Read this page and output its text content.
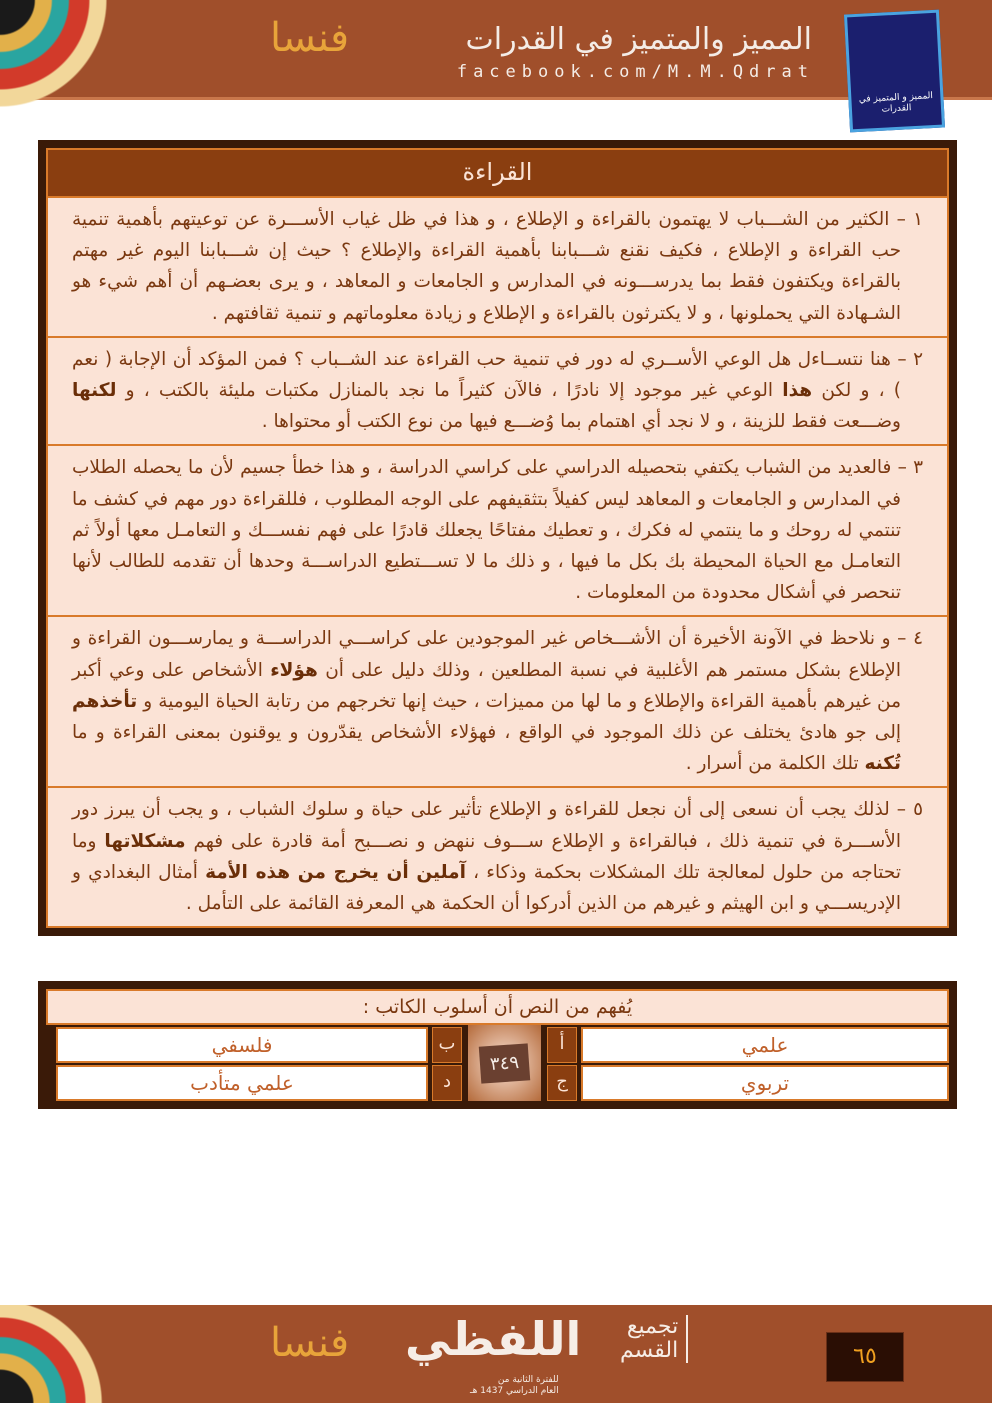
فنسا	المميز والمتميز في القدرات
facebook.com/M.M.Qdrat
المميز و المتميز في القدرات
القراءة
١ – الكثير من الشـــباب لا يهتمون بالقراءة و الإطلاع ، و هذا في ظل غياب الأســـرة عن توعيتهم بأهمية تنمية حب القراءة و الإطلاع ، فكيف نقنع شـــبابنا بأهمية القراءة والإطلاع ؟ حيث إن شـــبابنا اليوم غير مهتم بالقراءة ويكتفون فقط بما يدرســـونه في المدارس و الجامعات و المعاهد ، و يرى بعضـهم أن أهم شيء هو الشـهادة التي يحملونها ، و لا يكترثون بالقراءة و الإطلاع و زيادة معلوماتهم و تنمية ثقافتهم .
٢ – هنا نتســاءل هل الوعي الأســري له دور في تنمية حب القراءة عند الشــباب ؟ فمن المؤكد أن الإجابة ( نعم ) ، و لكن هذا الوعي غير موجود إلا نادرًا ، فالآن كثيراً ما نجد بالمنازل مكتبات مليئة بالكتب ، و لكنها وضـــعت فقط للزينة ، و لا نجد أي اهتمام بما وُضـــع فيها من نوع الكتب أو محتواها .
٣ – فالعديد من الشباب يكتفي بتحصيله الدراسي على كراسي الدراسة ، و هذا خطأ جسيم لأن ما يحصله الطلاب في المدارس و الجامعات و المعاهد ليس كفيلاً بتثقيفهم على الوجه المطلوب ، فللقراءة دور مهم في كشف ما تنتمي له روحك و ما ينتمي له فكرك ، و تعطيك مفتاحًا يجعلك قادرًا على فهم نفســـك و التعامـل معها أولاً ثم التعامـل مع الحياة المحيطة بك بكل ما فيها ، و ذلك ما لا تســـتطيع الدراســـة وحدها أن تقدمه للطالب لأنها تنحصر في أشكال محدودة من المعلومات .
٤ – و نلاحظ في الآونة الأخيرة أن الأشـــخاص غير الموجودين على كراســـي الدراســـة و يمارســـون القراءة و الإطلاع بشكل مستمر هم الأغلبية في نسبة المطلعين ، وذلك دليل على أن هؤلاء الأشخاص على وعي أكبر من غيرهم بأهمية القراءة والإطلاع و ما لها من مميزات ، حيث إنها تخرجهم من رتابة الحياة اليومية و تأخذهم إلى جو هادئ يختلف عن ذلك الموجود في الواقع ، فهؤلاء الأشخاص يقدّرون و يوقنون بمعنى القراءة و ما تُكنه تلك الكلمة من أسرار .
٥ – لذلك يجب أن نسعى إلى أن نجعل للقراءة و الإطلاع تأثير على حياة و سلوك الشباب ، و يجب أن يبرز دور الأســـرة في تنمية ذلك ، فبالقراءة و الإطلاع ســـوف ننهض و نصـــبح أمة قادرة على فهم مشكلاتها وما تحتاجه من حلول لمعالجة تلك المشكلات بحكمة وذكاء ، آملين أن يخرج من هذه الأمة أمثال البغدادي و الإدريســـي و ابن الهيثم و غيرهم من الذين أدركوا أن الحكمة هي المعرفة القائمة على التأمل .
يُفهم من النص أن أسلوب الكاتب :
علمي
أ
ب
فلسفي
تربوي
ج
د
علمي متأدب
٣٤٩
فنسا اللفظي	تجميع
القسم
للفترة الثانية من
العام الدراسي 1437 هـ
٦٥
